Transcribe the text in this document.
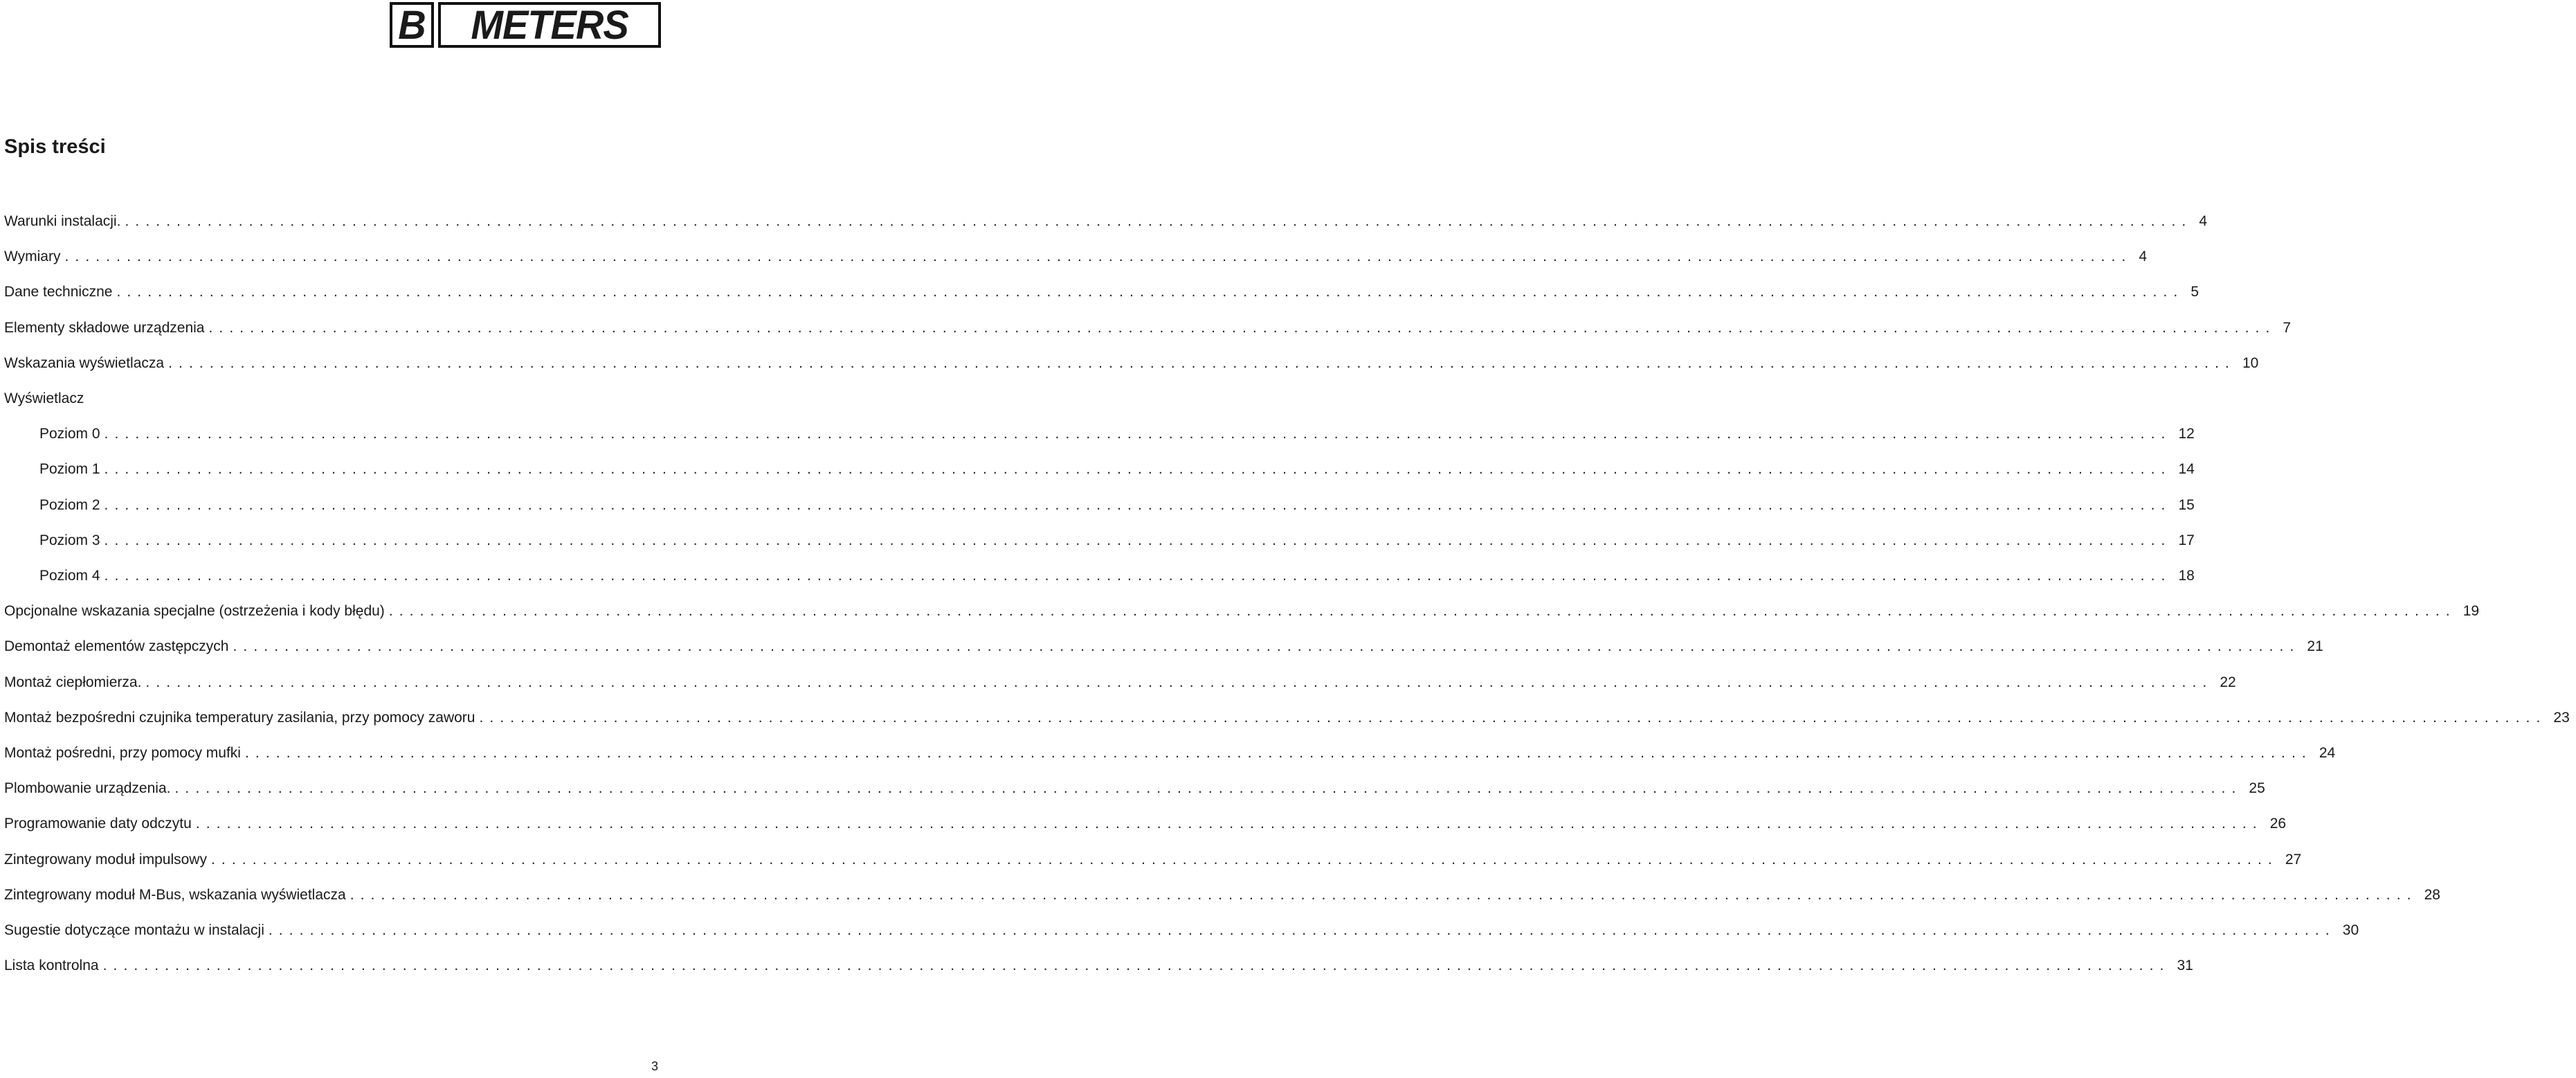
B METERS
Spis treści
Warunki instalacji. ........................................................................................................................................................................................................ 4
Wymiary ........................................................................................................................................................................................................ 4
Dane techniczne ........................................................................................................................................................................................................ 5
Elementy składowe urządzenia ........................................................................................................................................................................................................ 7
Wskazania wyświetlacza ........................................................................................................................................................................................................ 10
Wyświetlacz
Poziom 0 ........................................................................................................................................................................................................ 12
Poziom 1 ........................................................................................................................................................................................................ 14
Poziom 2 ........................................................................................................................................................................................................ 15
Poziom 3 ........................................................................................................................................................................................................ 17
Poziom 4 ........................................................................................................................................................................................................ 18
Opcjonalne wskazania specjalne (ostrzeżenia i kody błędu) ........................................................................................................................................................................................................ 19
Demontaż elementów zastępczych ........................................................................................................................................................................................................ 21
Montaż ciepłomierza. ........................................................................................................................................................................................................ 22
Montaż bezpośredni czujnika temperatury zasilania, przy pomocy zaworu ........................................................................................................................................................................................................ 23
Montaż pośredni, przy pomocy mufki ........................................................................................................................................................................................................ 24
Plombowanie urządzenia. ........................................................................................................................................................................................................ 25
Programowanie daty odczytu ........................................................................................................................................................................................................ 26
Zintegrowany moduł impulsowy ........................................................................................................................................................................................................ 27
Zintegrowany moduł M-Bus, wskazania wyświetlacza ........................................................................................................................................................................................................ 28
Sugestie dotyczące montażu w instalacji ........................................................................................................................................................................................................ 30
Lista kontrolna ........................................................................................................................................................................................................ 31
3
